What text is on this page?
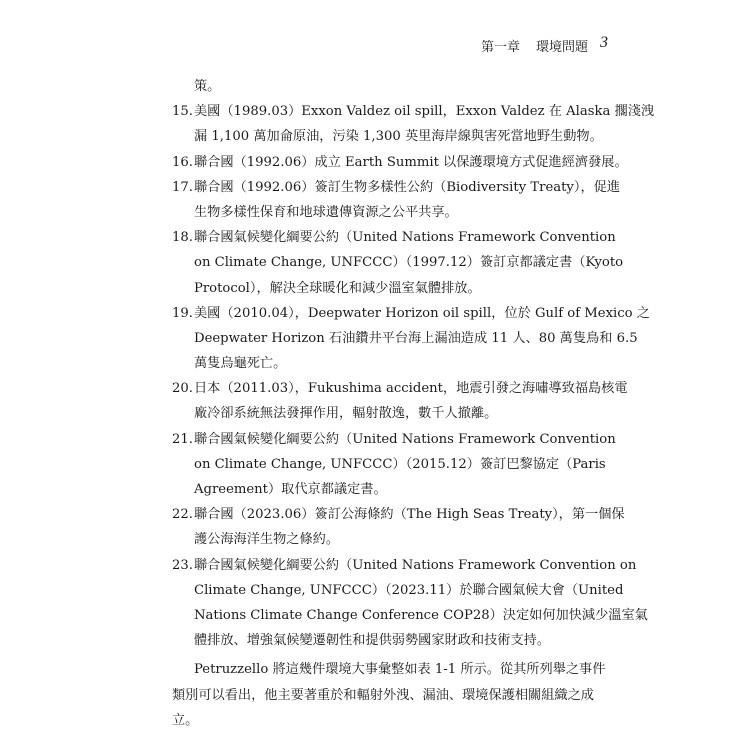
第一章 環境問題 3
策。
15.美國（1989.03）Exxon Valdez oil spill，Exxon Valdez 在 Alaska 擱淺洩
漏 1,100 萬加侖原油，污染 1,300 英里海岸線與害死當地野生動物。
16.聯合國（1992.06）成立 Earth Summit 以保護環境方式促進經濟發展。
17.聯合國（1992.06）簽訂生物多樣性公約（Biodiversity Treaty），促進
生物多樣性保育和地球遺傳資源之公平共享。
18.聯合國氣候變化綱要公約（United Nations Framework Convention
on Climate Change, UNFCCC）（1997.12）簽訂京都議定書（Kyoto
Protocol），解決全球暖化和減少溫室氣體排放。
19.美國（2010.04），Deepwater Horizon oil spill，位於 Gulf of Mexico 之
Deepwater Horizon 石油鑽井平台海上漏油造成 11 人、80 萬隻鳥和 6.5
萬隻烏龜死亡。
20.日本（2011.03），Fukushima accident，地震引發之海嘯導致福島核電
廠冷卻系統無法發揮作用，輻射散逸，數千人撤離。
21.聯合國氣候變化綱要公約（United Nations Framework Convention
on Climate Change, UNFCCC）（2015.12）簽訂巴黎協定（Paris
Agreement）取代京都議定書。
22.聯合國（2023.06）簽訂公海條約（The High Seas Treaty），第一個保
護公海海洋生物之條約。
23.聯合國氣候變化綱要公約（United Nations Framework Convention on
Climate Change, UNFCCC）（2023.11）於聯合國氣候大會（United
Nations Climate Change Conference COP28）決定如何加快減少溫室氣
體排放、增強氣候變遷韌性和提供弱勢國家財政和技術支持。
Petruzzello 將這幾件環境大事彙整如表 1-1 所示。從其所列舉之事件
類別可以看出，他主要著重於和輻射外洩、漏油、環境保護相關組織之成
立。
